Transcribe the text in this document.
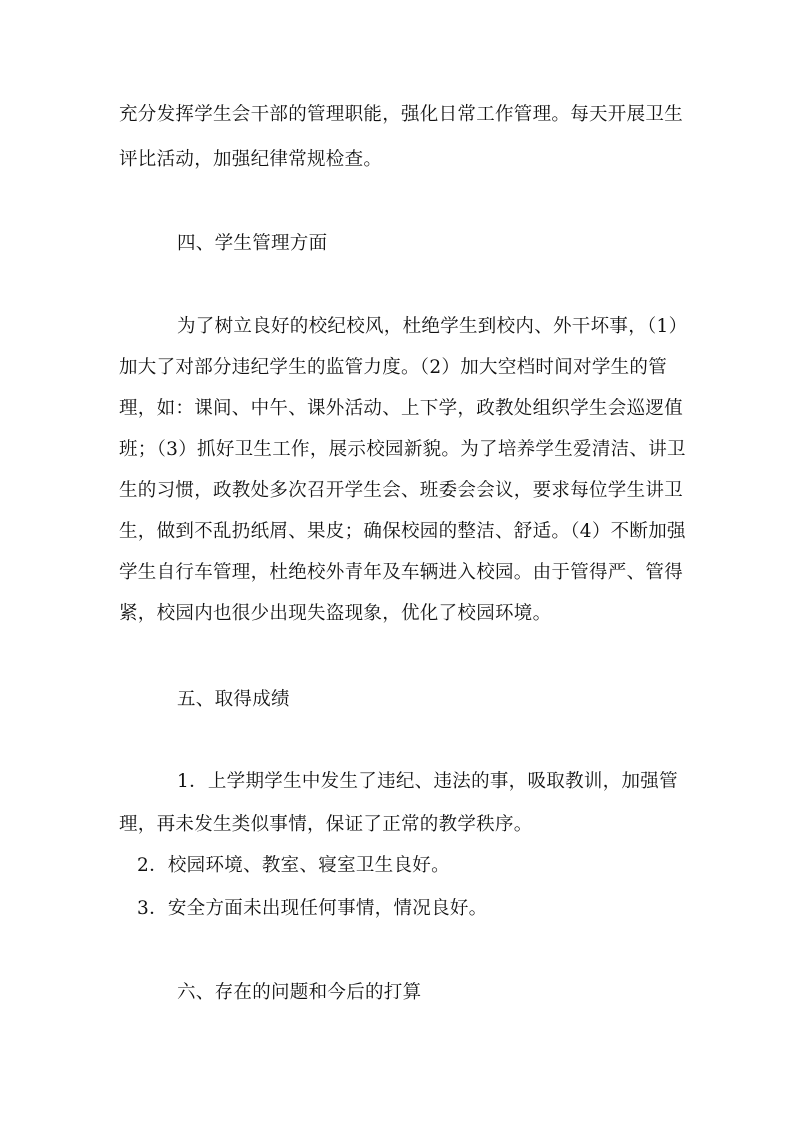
充分发挥学生会干部的管理职能，强化日常工作管理。每天开展卫生
评比活动，加强纪律常规检查。
四、学生管理方面
为了树立良好的校纪校风，杜绝学生到校内、外干坏事，（1）
加大了对部分违纪学生的监管力度。（2）加大空档时间对学生的管
理，如：课间、中午、课外活动、上下学，政教处组织学生会巡逻值
班；（3）抓好卫生工作，展示校园新貌。为了培养学生爱清洁、讲卫
生的习惯，政教处多次召开学生会、班委会会议，要求每位学生讲卫
生，做到不乱扔纸屑、果皮；确保校园的整洁、舒适。（4）不断加强
学生自行车管理，杜绝校外青年及车辆进入校园。由于管得严、管得
紧，校园内也很少出现失盗现象，优化了校园环境。
五、取得成绩
1．上学期学生中发生了违纪、违法的事，吸取教训，加强管
理，再未发生类似事情，保证了正常的教学秩序。
2．校园环境、教室、寝室卫生良好。
3．安全方面未出现任何事情，情况良好。
六、存在的问题和今后的打算
